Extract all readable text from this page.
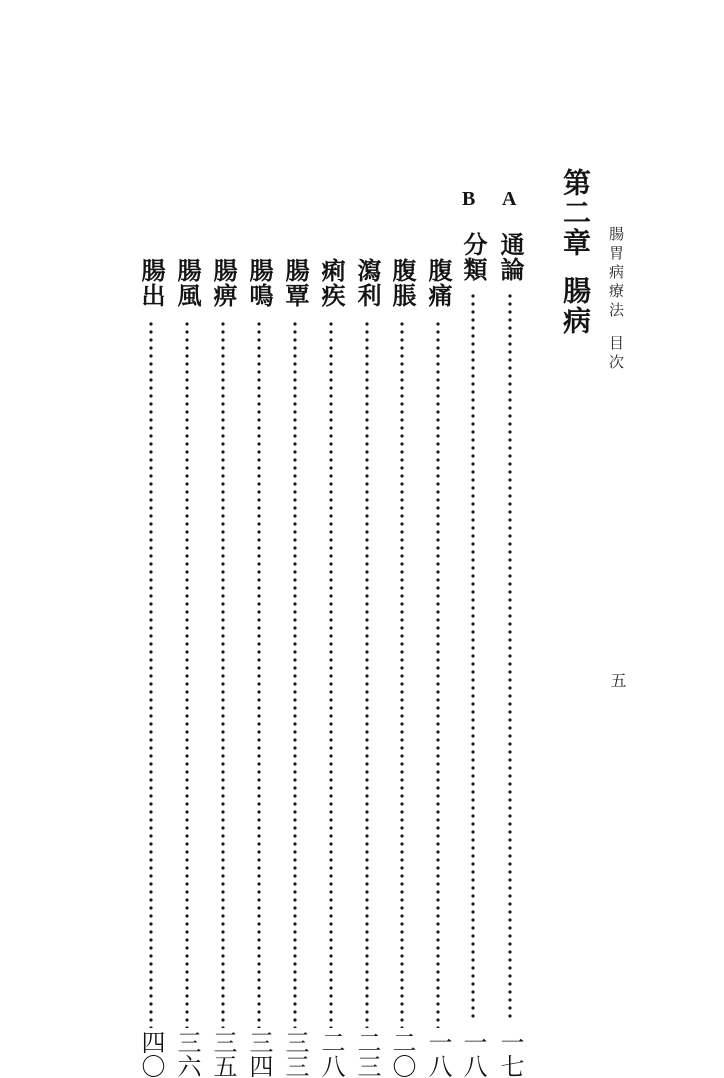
腸胃病療法目次
五
第二章腸病
A
B
通論
一七
分類
一八
腹痛
一八
腹脹
二〇
瀉利
二三
痢疾
二八
腸覃
三三
腸鳴
三四
腸痹
三五
腸風
三六
腸出
四〇
